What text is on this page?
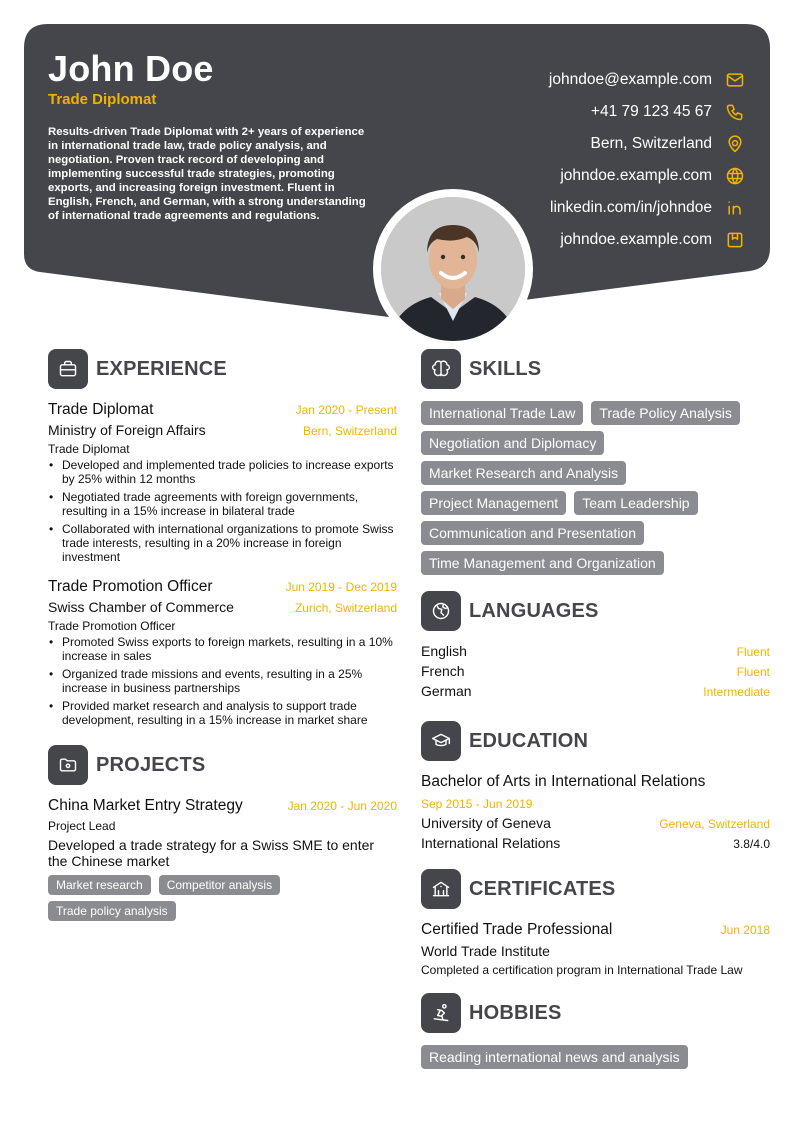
John Doe
Trade Diplomat
Results-driven Trade Diplomat with 2+ years of experience in international trade law, trade policy analysis, and negotiation. Proven track record of developing and implementing successful trade strategies, promoting exports, and increasing foreign investment. Fluent in English, French, and German, with a strong understanding of international trade agreements and regulations.
johndoe@example.com
+41 79 123 45 67
Bern, Switzerland
johndoe.example.com
linkedin.com/in/johndoe
johndoe.example.com
EXPERIENCE
Trade Diplomat	Jan 2020 - Present
Ministry of Foreign Affairs	Bern, Switzerland
Trade Diplomat
• Developed and implemented trade policies to increase exports by 25% within 12 months
• Negotiated trade agreements with foreign governments, resulting in a 15% increase in bilateral trade
• Collaborated with international organizations to promote Swiss trade interests, resulting in a 20% increase in foreign investment
Trade Promotion Officer	Jun 2019 - Dec 2019
Swiss Chamber of Commerce	Zurich, Switzerland
Trade Promotion Officer
• Promoted Swiss exports to foreign markets, resulting in a 10% increase in sales
• Organized trade missions and events, resulting in a 25% increase in business partnerships
• Provided market research and analysis to support trade development, resulting in a 15% increase in market share
PROJECTS
China Market Entry Strategy	Jan 2020 - Jun 2020
Project Lead
Developed a trade strategy for a Swiss SME to enter the Chinese market
Market research	Competitor analysis
Trade policy analysis
SKILLS
International Trade Law	Trade Policy Analysis
Negotiation and Diplomacy
Market Research and Analysis
Project Management	Team Leadership
Communication and Presentation
Time Management and Organization
LANGUAGES
English	Fluent
French	Fluent
German	Intermediate
EDUCATION
Bachelor of Arts in International Relations
Sep 2015 - Jun 2019
University of Geneva	Geneva, Switzerland
International Relations	3.8/4.0
CERTIFICATES
Certified Trade Professional	Jun 2018
World Trade Institute
Completed a certification program in International Trade Law
HOBBIES
Reading international news and analysis
